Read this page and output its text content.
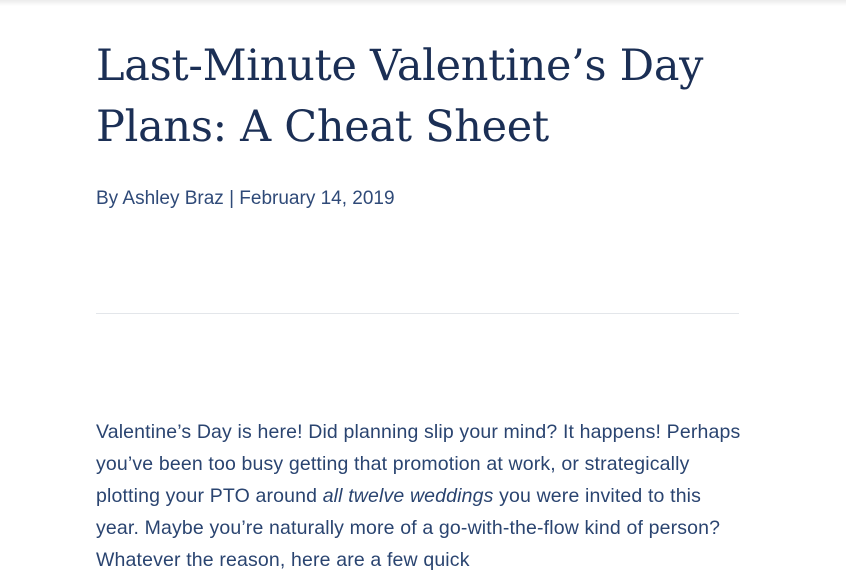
Last-Minute Valentine’s Day Plans: A Cheat Sheet

By Ashley Braz | February 14, 2019

Valentine’s Day is here! Did planning slip your mind? It happens! Perhaps you’ve been too busy getting that promotion at work, or strategically plotting your PTO around all twelve weddings you were invited to this year. Maybe you’re naturally more of a go-with-the-flow kind of person? Whatever the reason, here are a few quick
